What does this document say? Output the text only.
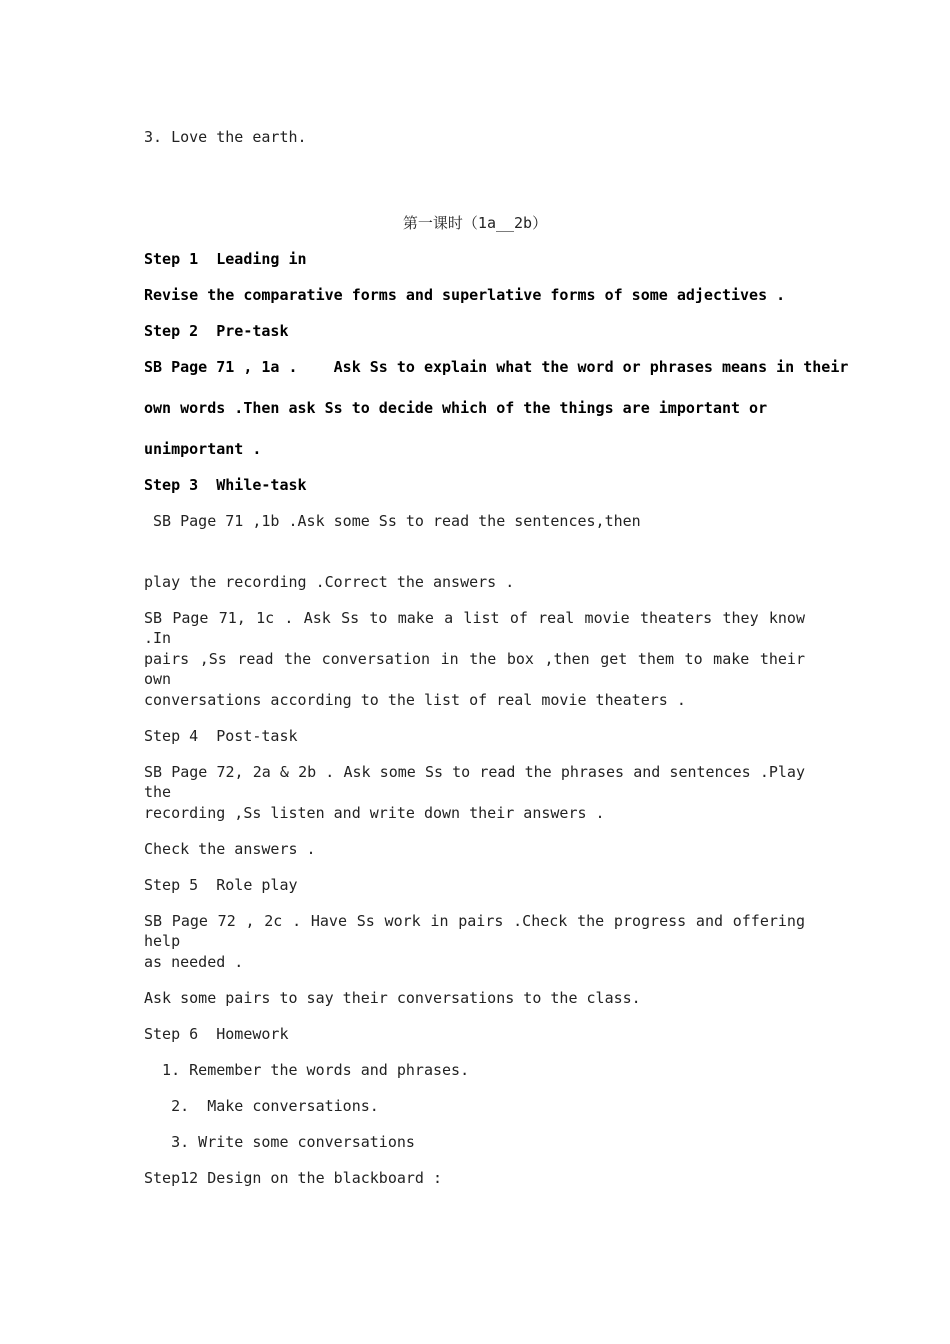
3. Love the earth.
第一课时（1a__2b）
Step 1  Leading in
Revise the comparative forms and superlative forms of some adjectives .
Step 2  Pre-task
SB Page 71 , 1a .    Ask Ss to explain what the word or phrases means in their
own words .Then ask Ss to decide which of the things are important or
unimportant .
Step 3  While-task
SB Page 71 ,1b .Ask some Ss to read the sentences,then
play the recording .Correct the answers .
SB Page 71, 1c . Ask Ss to make a list of real movie theaters they know .In
pairs ,Ss read the conversation in the box ,then get them to make their own
conversations according to the list of real movie theaters .
Step 4  Post-task
SB Page 72, 2a & 2b . Ask some Ss to read the phrases and sentences .Play the
recording ,Ss listen and write down their answers .
Check the answers .
Step 5  Role play
SB Page 72 , 2c . Have Ss work in pairs .Check the progress and offering help
as needed .
Ask some pairs to say their conversations to the class.
Step 6  Homework
1. Remember the words and phrases.
2.  Make conversations.
3. Write some conversations
Step12 Design on the blackboard :
